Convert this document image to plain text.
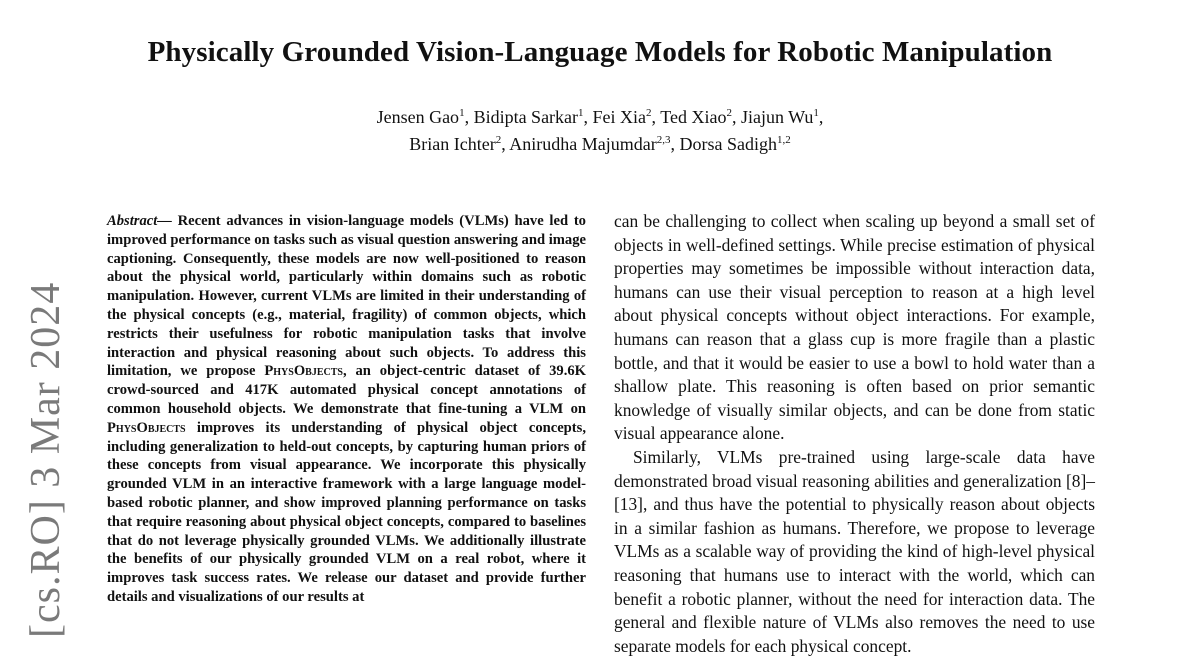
Physically Grounded Vision-Language Models for Robotic Manipulation
Jensen Gao$^1$, Bidipta Sarkar$^1$, Fei Xia$^2$, Ted Xiao$^2$, Jiajun Wu$^1$,
Brian Ichter$^2$, Anirudha Majumdar$^{2,3}$, Dorsa Sadigh$^{1,2}$
[cs.RO] 3 Mar 2024
Abstract— Recent advances in vision-language models (VLMs) have led to improved performance on tasks such as visual question answering and image captioning. Consequently, these models are now well-positioned to reason about the physical world, particularly within domains such as robotic manipulation. However, current VLMs are limited in their understanding of the physical concepts (e.g., material, fragility) of common objects, which restricts their usefulness for robotic manipulation tasks that involve interaction and physical reasoning about such objects. To address this limitation, we propose PhysObjects, an object-centric dataset of 39.6K crowd-sourced and 417K automated physical concept annotations of common household objects. We demonstrate that fine-tuning a VLM on PhysObjects improves its understanding of physical object concepts, including generalization to held-out concepts, by capturing human priors of these concepts from visual appearance. We incorporate this physically grounded VLM in an interactive framework with a large language model-based robotic planner, and show improved planning performance on tasks that require reasoning about physical object concepts, compared to baselines that do not leverage physically grounded VLMs. We additionally illustrate the benefits of our physically grounded VLM on a real robot, where it improves task success rates. We release our dataset and provide further details and visualizations of our results at

can be challenging to collect when scaling up beyond a small set of objects in well-defined settings. While precise estimation of physical properties may sometimes be impossible without interaction data, humans can use their visual perception to reason at a high level about physical concepts without object interactions. For example, humans can reason that a glass cup is more fragile than a plastic bottle, and that it would be easier to use a bowl to hold water than a shallow plate. This reasoning is often based on prior semantic knowledge of visually similar objects, and can be done from static visual appearance alone.

Similarly, VLMs pre-trained using large-scale data have demonstrated broad visual reasoning abilities and generalization [8]–[13], and thus have the potential to physically reason about objects in a similar fashion as humans. Therefore, we propose to leverage VLMs as a scalable way of providing the kind of high-level physical reasoning that humans use to interact with the world, which can benefit a robotic planner, without the need for interaction data. The general and flexible nature of VLMs also removes the need to use separate models for each physical concept.
